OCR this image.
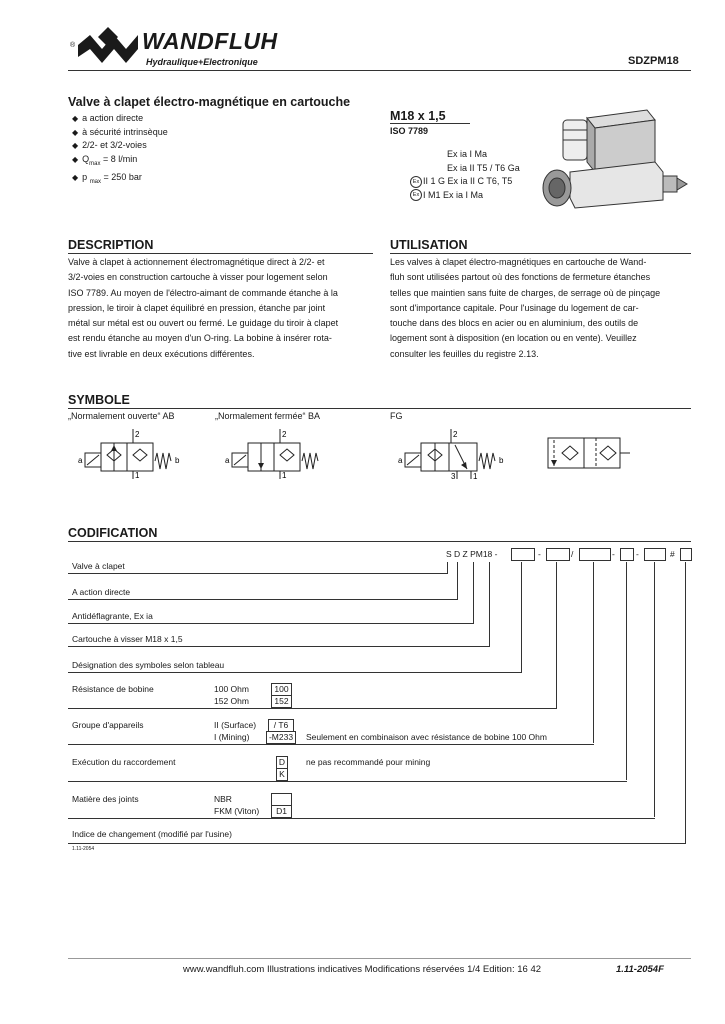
®	WANDFLUH
Hydraulique+Electronique	SDZPM18
Valve à clapet électro-magnétique en cartouche
◆ a action directe
◆ à sécurité intrinsèque
◆ 2/2- et 3/2-voies
◆ $Q_{max} = 8$ l/min
◆ p $_{max}$ = 250 bar
M18 x 1,5
ISO 7789
Ex ia I Ma
Ex ia II T5 / T6 Ga
Ex II 1 G Ex ia II C T6, T5
Ex I M1 Ex ia I Ma
DESCRIPTION
Valve à clapet à actionnement électromagnétique direct à 2/2- et
3/2-voies en construction cartouche à visser pour logement selon
ISO 7789. Au moyen de l'électro-aimant de commande étanche à la
pression, le tiroir à clapet équilibré en pression, étanche par joint
métal sur métal est ou ouvert ou fermé. Le guidage du tiroir à clapet
est rendu étanche au moyen d'un O-ring. La bobine à insérer rota-
tive est livrable en deux exécutions différentes.
UTILISATION
Les valves à clapet électro-magnétiques en cartouche de Wand-
fluh sont utilisées partout où des fonctions de fermeture étanches
telles que maintien sans fuite de charges, de serrage où de pinçage
sont d'importance capitale. Pour l'usinage du logement de car-
touche dans des blocs en acier ou en aluminium, des outils de
logement sont à disposition (en location ou en vente). Veuillez
consulter les feuilles du registre 2.13.
SYMBOLE
„Normalement ouverte“ AB	„Normalement fermée“ BA	FG
2
a	b
1
2
a
1
2
a	b
3 1
CODIFICATION
S D Z PM18 -	-	/	- -	#
Valve à clapet
A action directe
Antidéflagrante, Ex ia
Cartouche à visser M18 x 1,5
Désignation des symboles selon tableau
Résistance de bobine	100 Ohm	100
152 Ohm	152
Groupe d'appareils	II (Surface)	/ T6
I (Mining)	-M233	Seulement en combinaison avec résistance de bobine 100 Ohm
Exécution du raccordement	D
K
ne pas recommandé pour mining
Matière des joints	NBR
FKM (Viton)	D1
Indice de changement (modifié par l'usine)
1.11-2054
www.wandfluh.com Illustrations indicatives Modifications réservées 1/4 Edition: 16 42	1.11-2054F
